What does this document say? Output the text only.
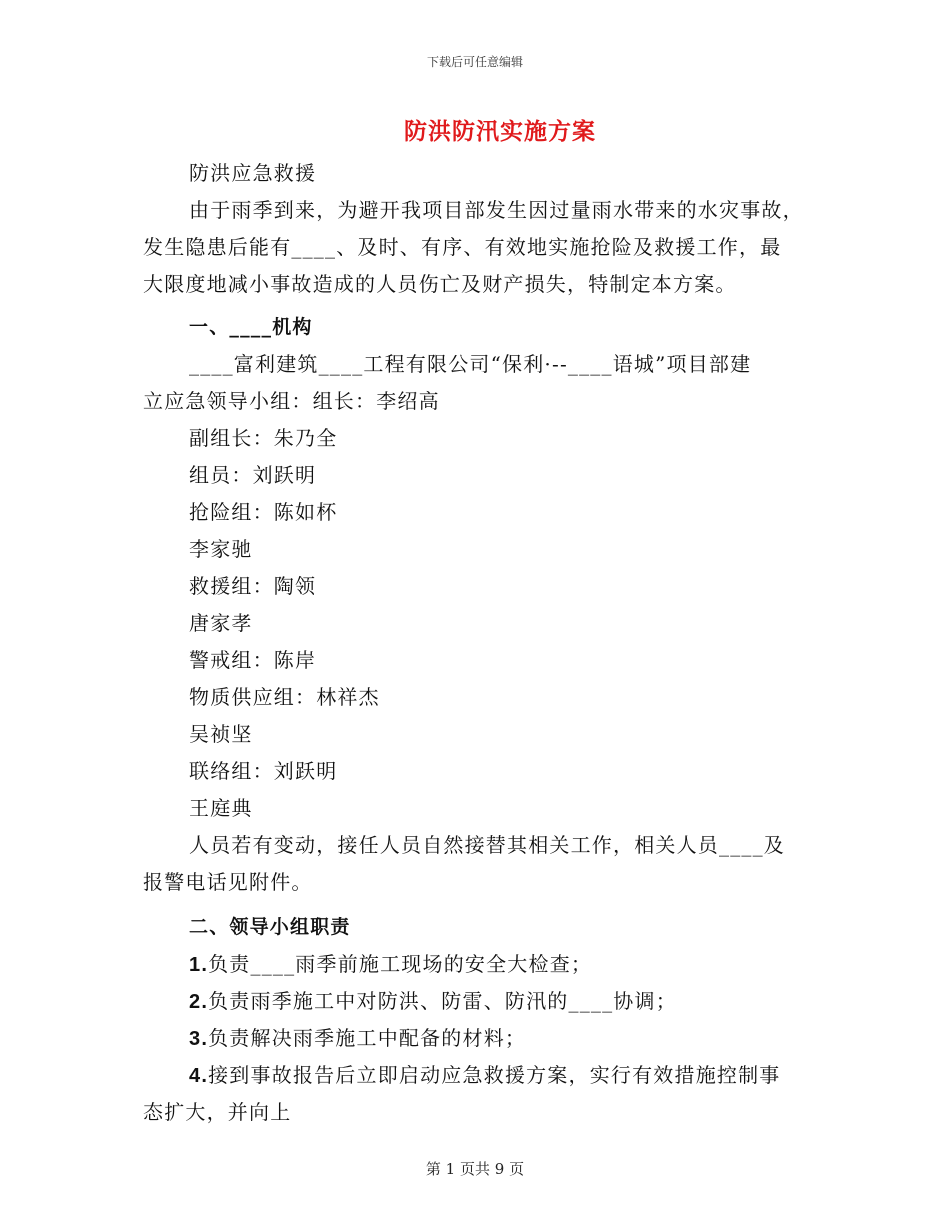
下载后可任意编辑
防洪防汛实施方案
防洪应急救援
由于雨季到来，为避开我项目部发生因过量雨水带来的水灾事故，
发生隐患后能有____、及时、有序、有效地实施抢险及救援工作，最
大限度地减小事故造成的人员伤亡及财产损失，特制定本方案。
一、____机构
____富利建筑____工程有限公司“保利·--____语城”项目部建
立应急领导小组：组长：李绍高
副组长：朱乃全
组员：刘跃明
抢险组：陈如杯
李家驰
救援组：陶领
唐家孝
警戒组：陈岸
物质供应组：林祥杰
吴祯坚
联络组：刘跃明
王庭典
人员若有变动，接任人员自然接替其相关工作，相关人员____及
报警电话见附件。
二、领导小组职责
1.负责____雨季前施工现场的安全大检查；
2.负责雨季施工中对防洪、防雷、防汛的____协调；
3.负责解决雨季施工中配备的材料；
4.接到事故报告后立即启动应急救援方案，实行有效措施控制事
态扩大，并向上
第 1 页共 9 页
